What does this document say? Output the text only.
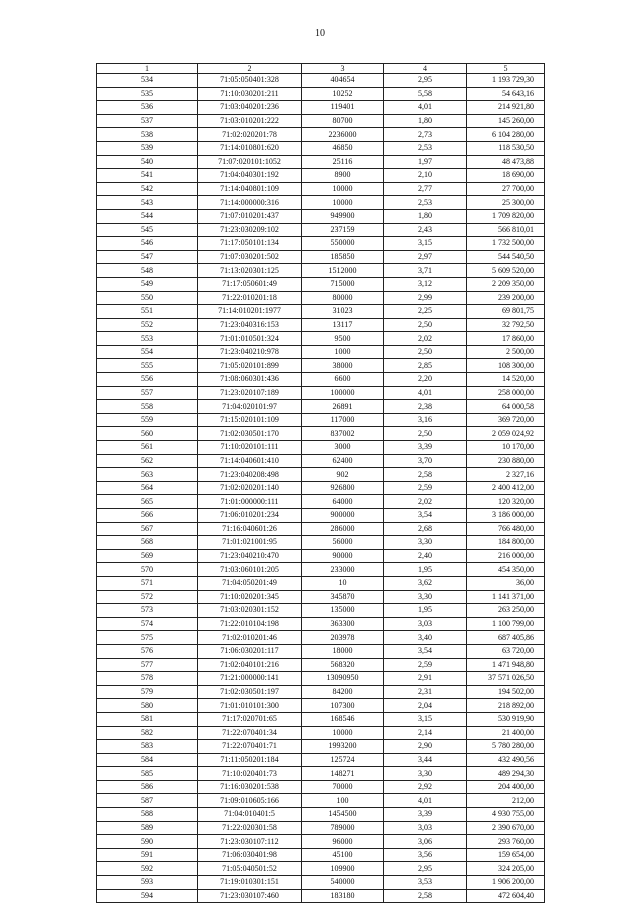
10
1	2	3	4	5
534	71:05:050401:328	404654	2,95	1 193 729,30
535	71:10:030201:211	10252	5,58	54 643,16
536	71:03:040201:236	119401	4,01	214 921,80
537	71:03:010201:222	80700	1,80	145 260,00
538	71:02:020201:78	2236000	2,73	6 104 280,00
539	71:14:010801:620	46850	2,53	118 530,50
540	71:07:020101:1052	25116	1,97	48 473,88
541	71:04:040301:192	8900	2,10	18 690,00
542	71:14:040801:109	10000	2,77	27 700,00
543	71:14:000000:316	10000	2,53	25 300,00
544	71:07:010201:437	949900	1,80	1 709 820,00
545	71:23:030209:102	237159	2,43	566 810,01
546	71:17:050101:134	550000	3,15	1 732 500,00
547	71:07:030201:502	185850	2,97	544 540,50
548	71:13:020301:125	1512000	3,71	5 609 520,00
549	71:17:050601:49	715000	3,12	2 209 350,00
550	71:22:010201:18	80000	2,99	239 200,00
551	71:14:010201:1977	31023	2,25	69 801,75
552	71:23:040316:153	13117	2,50	32 792,50
553	71:01:010501:324	9500	2,02	17 860,00
554	71:23:040210:978	1000	2,50	2 500,00
555	71:05:020101:899	38000	2,85	108 300,00
556	71:08:060301:436	6600	2,20	14 520,00
557	71:23:020107:189	100000	4,01	258 000,00
558	71:04:020101:97	26891	2,38	64 000,58
559	71:15:020101:109	117000	3,16	369 720,00
560	71:02:030501:170	837002	2,50	2 059 024,92
561	71:10:020101:111	3000	3,39	10 170,00
562	71:14:040601:410	62400	3,70	230 880,00
563	71:23:040208:498	902	2,58	2 327,16
564	71:02:020201:140	926800	2,59	2 400 412,00
565	71:01:000000:111	64000	2,02	120 320,00
566	71:06:010201:234	900000	3,54	3 186 000,00
567	71:16:040601:26	286000	2,68	766 480,00
568	71:01:021001:95	56000	3,30	184 800,00
569	71:23:040210:470	90000	2,40	216 000,00
570	71:03:060101:205	233000	1,95	454 350,00
571	71:04:050201:49	10	3,62	36,00
572	71:10:020201:345	345870	3,30	1 141 371,00
573	71:03:020301:152	135000	1,95	263 250,00
574	71:22:010104:198	363300	3,03	1 100 799,00
575	71:02:010201:46	203978	3,40	687 405,86
576	71:06:030201:117	18000	3,54	63 720,00
577	71:02:040101:216	568320	2,59	1 471 948,80
578	71:21:000000:141	13090950	2,91	37 571 026,50
579	71:02:030501:197	84200	2,31	194 502,00
580	71:01:010101:300	107300	2,04	218 892,00
581	71:17:020701:65	168546	3,15	530 919,90
582	71:22:070401:34	10000	2,14	21 400,00
583	71:22:070401:71	1993200	2,90	5 780 280,00
584	71:11:050201:184	125724	3,44	432 490,56
585	71:10:020401:73	148271	3,30	489 294,30
586	71:16:030201:538	70000	2,92	204 400,00
587	71:09:010605:166	100	4,01	212,00
588	71:04:010401:5	1454500	3,39	4 930 755,00
589	71:22:020301:58	789000	3,03	2 390 670,00
590	71:23:030107:112	96000	3,06	293 760,00
591	71:06:030401:98	45100	3,56	159 654,00
592	71:05:040501:52	109900	2,95	324 205,00
593	71:19:010301:151	540000	3,53	1 906 200,00
594	71:23:030107:460	183180	2,58	472 604,40
